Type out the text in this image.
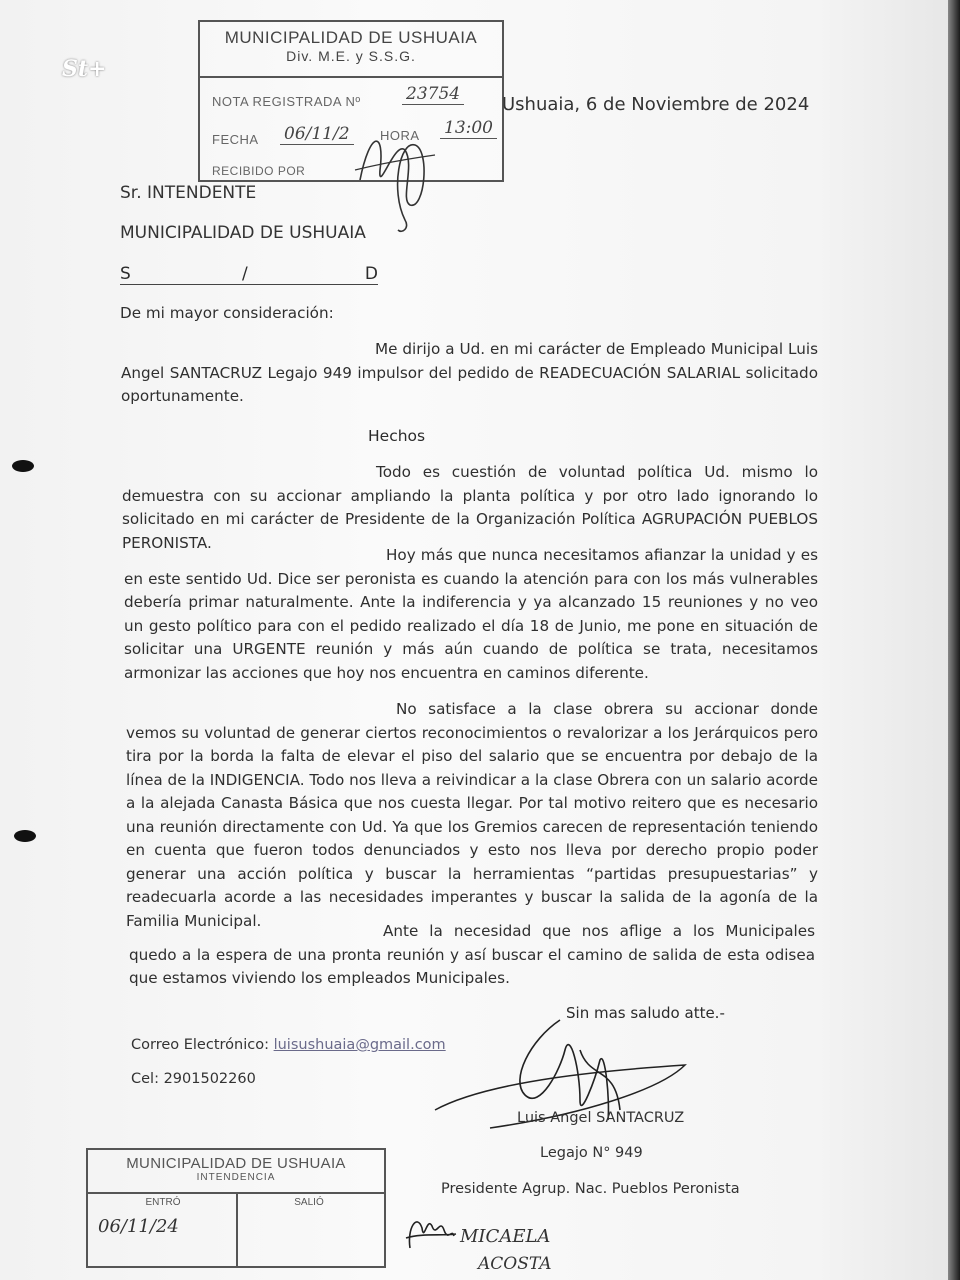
St+
MUNICIPALIDAD DE USHUAIA
Div. M.E. y S.S.G.
NOTA REGISTRADA Nº	23754
FECHA 06/11/2	HORA 13:00
RECIBIDO POR
Ushuaia, 6 de Noviembre de 2024
Sr. INTENDENTE
MUNICIPALIDAD DE USHUAIA
S	/	D
De mi mayor consideración:
Me dirijo a Ud. en mi carácter de Empleado Municipal Luis Angel SANTACRUZ Legajo 949 impulsor del pedido de READECUACIÓN SALARIAL solicitado oportunamente.
Hechos
Todo es cuestión de voluntad política Ud. mismo lo demuestra con su accionar ampliando la planta política y por otro lado ignorando lo solicitado en mi carácter de Presidente de la Organización Política AGRUPACIÓN PUEBLOS PERONISTA.
Hoy más que nunca necesitamos afianzar la unidad y es en este sentido Ud. Dice ser peronista es cuando la atención para con los más vulnerables debería primar naturalmente. Ante la indiferencia y ya alcanzado 15 reuniones y no veo un gesto político para con el pedido realizado el día 18 de Junio, me pone en situación de solicitar una URGENTE reunión y más aún cuando de política se trata, necesitamos armonizar las acciones que hoy nos encuentra en caminos diferente.
No satisface a la clase obrera su accionar donde vemos su voluntad de generar ciertos reconocimientos o revalorizar a los Jerárquicos pero tira por la borda la falta de elevar el piso del salario que se encuentra por debajo de la línea de la INDIGENCIA. Todo nos lleva a reivindicar a la clase Obrera con un salario acorde a la alejada Canasta Básica que nos cuesta llegar. Por tal motivo reitero que es necesario una reunión directamente con Ud. Ya que los Gremios carecen de representación teniendo en cuenta que fueron todos denunciados y esto nos lleva por derecho propio poder generar una acción política y buscar la herramientas “partidas presupuestarias” y readecuarla acorde a las necesidades imperantes y buscar la salida de la agonía de la Familia Municipal.
Ante la necesidad que nos aflige a los Municipales quedo a la espera de una pronta reunión y así buscar el camino de salida de esta odisea que estamos viviendo los empleados Municipales.
Sin mas saludo atte.-
Correo Electrónico: luisushuaia@gmail.com
Cel: 2901502260
Luis Angel SANTACRUZ
Legajo N° 949
Presidente Agrup. Nac. Pueblos Peronista
MUNICIPALIDAD DE USHUAIA
INTENDENCIA
ENTRÓ
06/11/24
SALIÓ
MICAELA
ACOSTA
